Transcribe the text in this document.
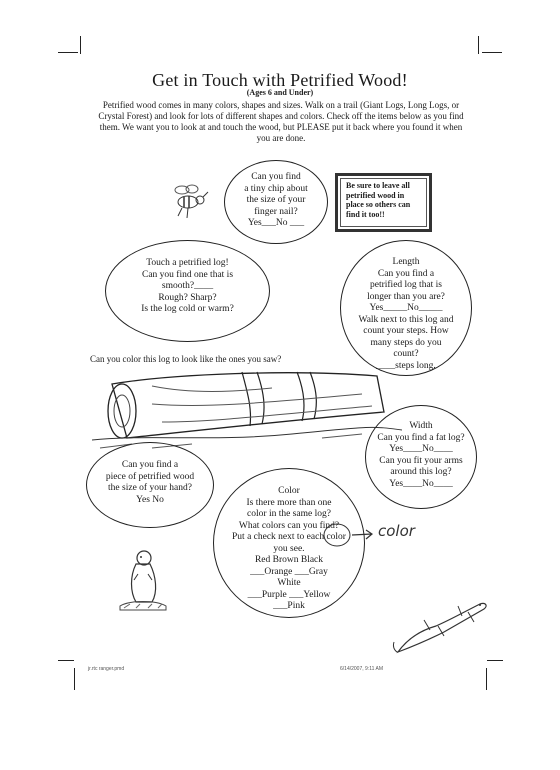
Get in Touch with Petrified Wood!
(Ages 6 and Under)
Petrified wood comes in many colors, shapes and sizes. Walk on a trail (Giant Logs, Long Logs, or Crystal Forest) and look for lots of different shapes and colors. Check off the items below as you find them. We want you to look at and touch the wood, but PLEASE put it back where you found it when you are done.
Can you find
a tiny chip about
the size of your
finger nail?
Yes___No ___
Be sure to leave all petrified wood in place so others can find it too!!
Touch a petrified log!
Can you find one that is
smooth?____
Rough? Sharp?
Is the log cold or warm?
Length
Can you find a
petrified log that is
longer than you are?
Yes_____No_____
Walk next to this log and
count your steps. How
many steps do you
count?
____steps long.
Can you color this log to look like the ones you saw?
Width
Can you find a fat log?
Yes____No____
Can you fit your arms
around this log?
Yes____No____
Can you find a
piece of petrified wood
the size of your hand?
Yes No
Color
Is there more than one
color in the same log?
What colors can you find?
Put a check next to each color
you see.
Red Brown Black
___Orange ___Gray
White
___Purple ___Yellow
___Pink
color
jr.rtc ranger.pmd	6/14/2007, 9:11 AM
